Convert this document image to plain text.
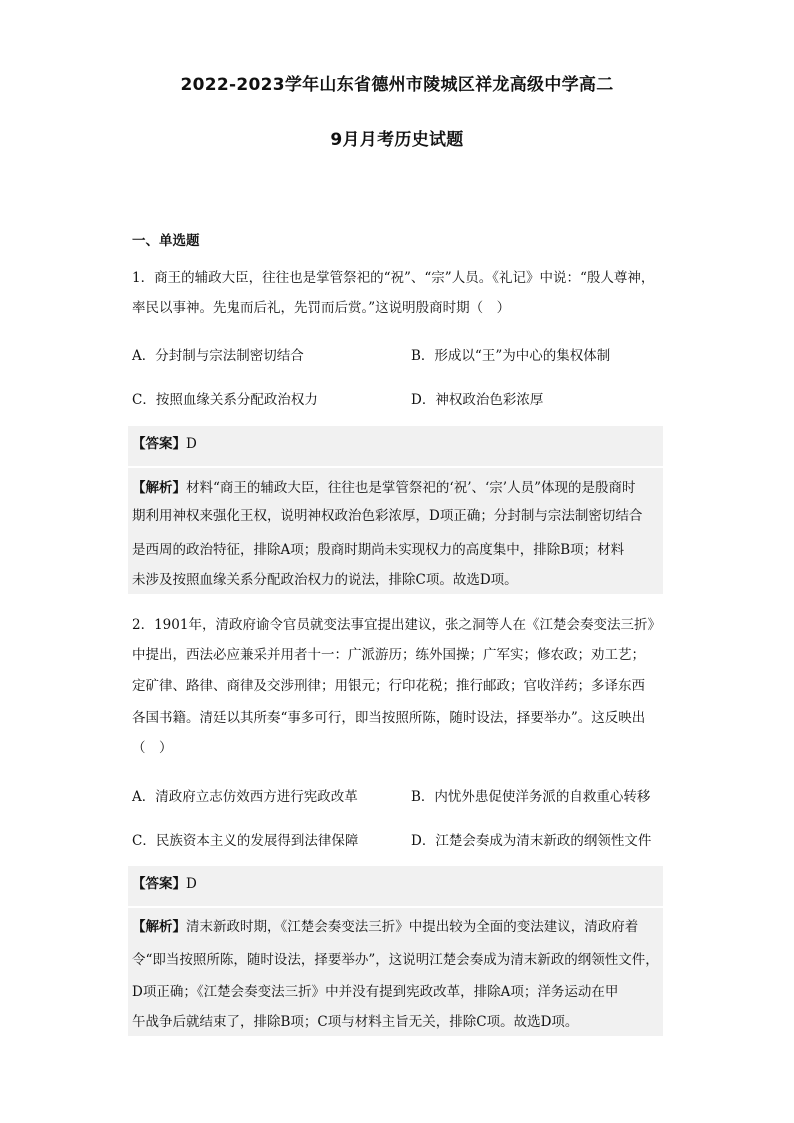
2022-2023学年山东省德州市陵城区祥龙高级中学高二
9月月考历史试题
一、单选题
1．商王的辅政大臣，往往也是掌管祭祀的“祝”、“宗”人员。《礼记》中说：“殷人尊神，
率民以事神。先鬼而后礼，先罚而后赏。”这说明殷商时期（　）
A．分封制与宗法制密切结合	B．形成以“王”为中心的集权体制
C．按照血缘关系分配政治权力	D．神权政治色彩浓厚
【答案】D
【解析】材料“商王的辅政大臣，往往也是掌管祭祀的‘祝’、‘宗’人员”体现的是殷商时
期利用神权来强化王权，说明神权政治色彩浓厚，D项正确；分封制与宗法制密切结合
是西周的政治特征，排除A项；殷商时期尚未实现权力的高度集中，排除B项；材料
未涉及按照血缘关系分配政治权力的说法，排除C项。故选D项。
2．1901年，清政府谕令官员就变法事宜提出建议，张之洞等人在《江楚会奏变法三折》
中提出，西法必应兼采并用者十一：广派游历；练外国操；广军实；修农政；劝工艺；
定矿律、路律、商律及交涉刑律；用银元；行印花税；推行邮政；官收洋药；多译东西
各国书籍。清廷以其所奏“事多可行，即当按照所陈，随时设法，择要举办”。这反映出
（　）
A．清政府立志仿效西方进行宪政改革	B．内忧外患促使洋务派的自救重心转移
C．民族资本主义的发展得到法律保障	D．江楚会奏成为清末新政的纲领性文件
【答案】D
【解析】清末新政时期，《江楚会奏变法三折》中提出较为全面的变法建议，清政府着
令“即当按照所陈，随时设法，择要举办”，这说明江楚会奏成为清末新政的纲领性文件，
D项正确；《江楚会奏变法三折》中并没有提到宪政改革，排除A项；洋务运动在甲
午战争后就结束了，排除B项；C项与材料主旨无关，排除C项。故选D项。
